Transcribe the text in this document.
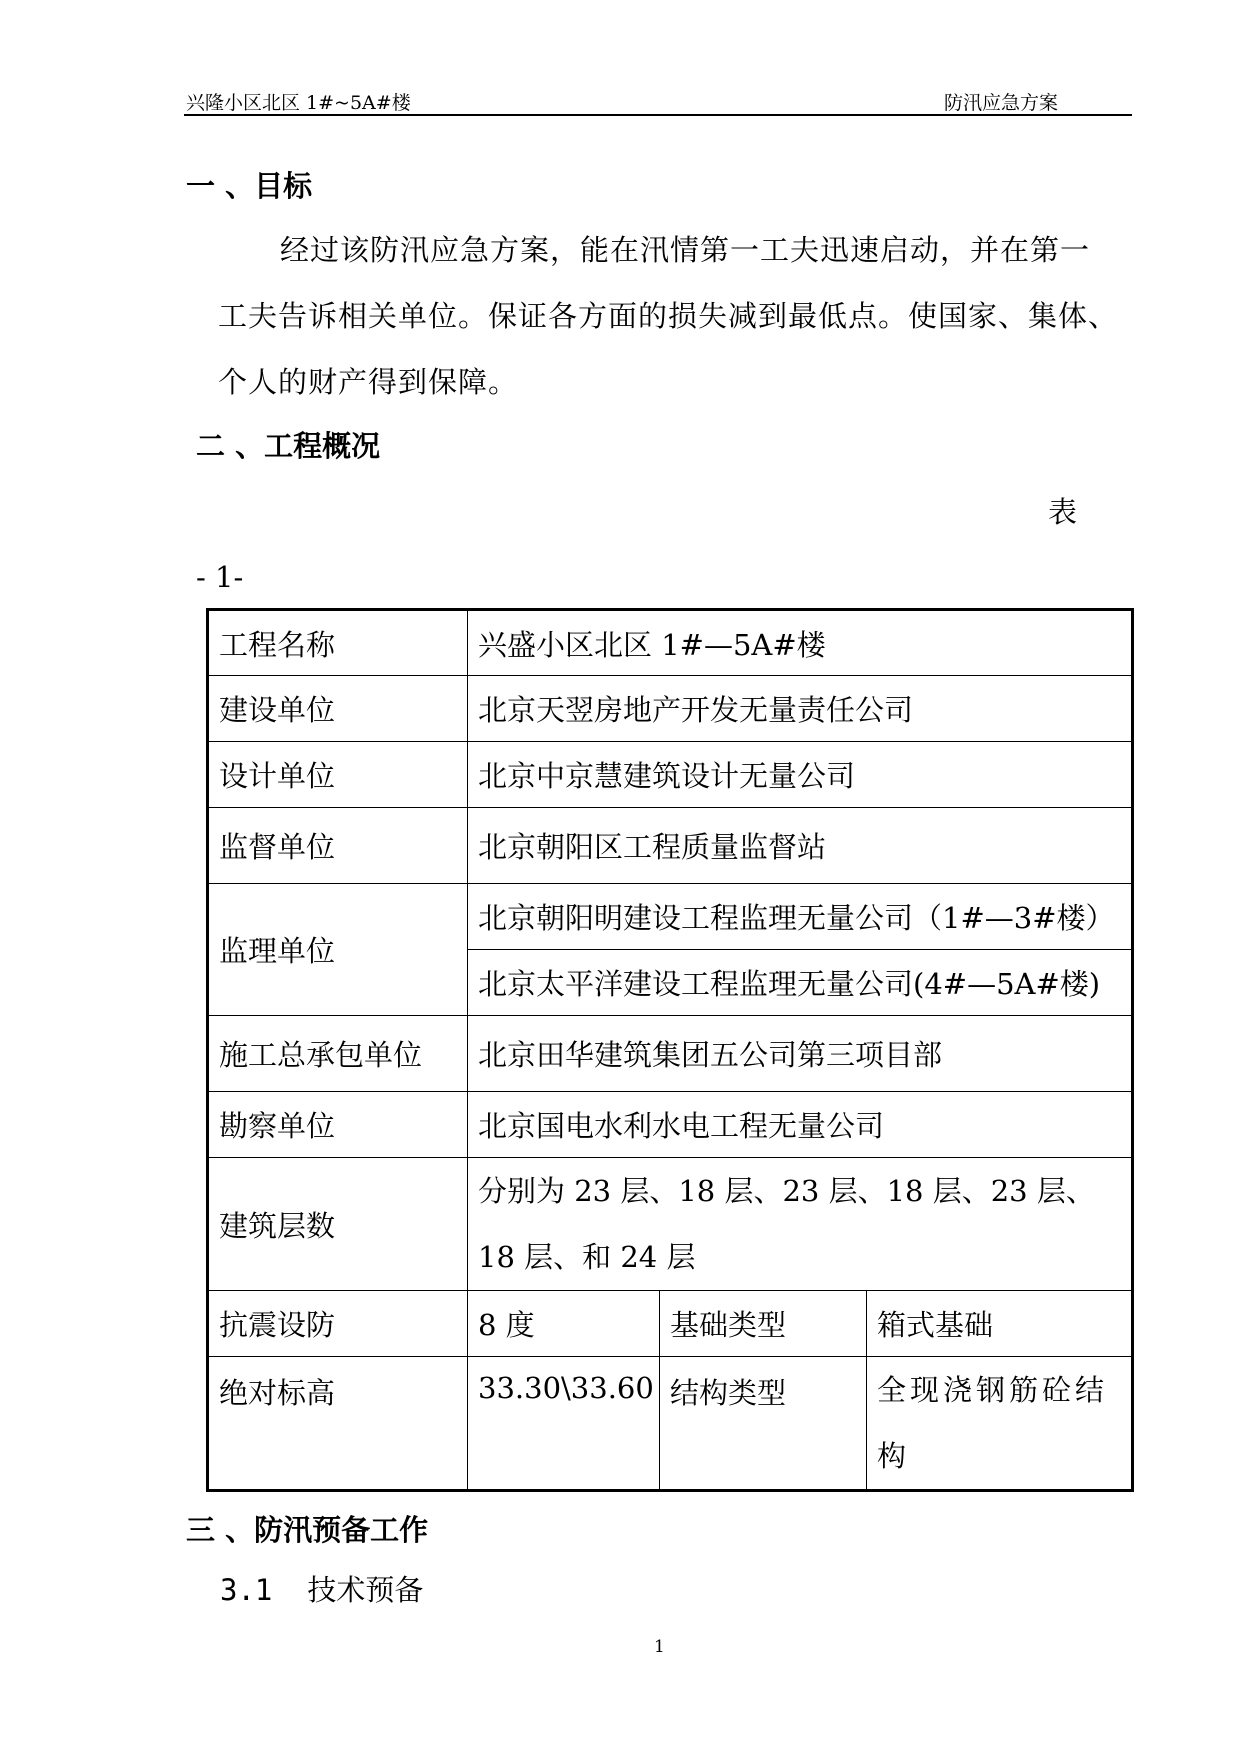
兴隆小区北区 1#~5A#楼	防汛应急方案
一 、目标
经过该防汛应急方案，能在汛情第一工夫迅速启动，并在第一
工夫告诉相关单位。保证各方面的损失减到最低点。使国家、集体、
个人的财产得到保障。
二 、工程概况
表
- 1-
工程名称	兴盛小区北区 1#—5A#楼		
建设单位	北京天翌房地产开发无量责任公司		
设计单位	北京中京慧建筑设计无量公司		
监督单位	北京朝阳区工程质量监督站		
监理单位	北京朝阳明建设工程监理无量公司（1#—3#楼）		
	北京太平洋建设工程监理无量公司(4#—5A#楼)		
施工总承包单位	北京田华建筑集团五公司第三项目部		
勘察单位	北京国电水利水电工程无量公司		
建筑层数	分别为 23 层、18 层、23 层、18 层、23 层、18 层、和 24 层		
抗震设防	8 度	基础类型	箱式基础
绝对标高	33.30\33.60	结构类型	全现浇钢筋砼结构
三 、防汛预备工作
3.1 技术预备
1
